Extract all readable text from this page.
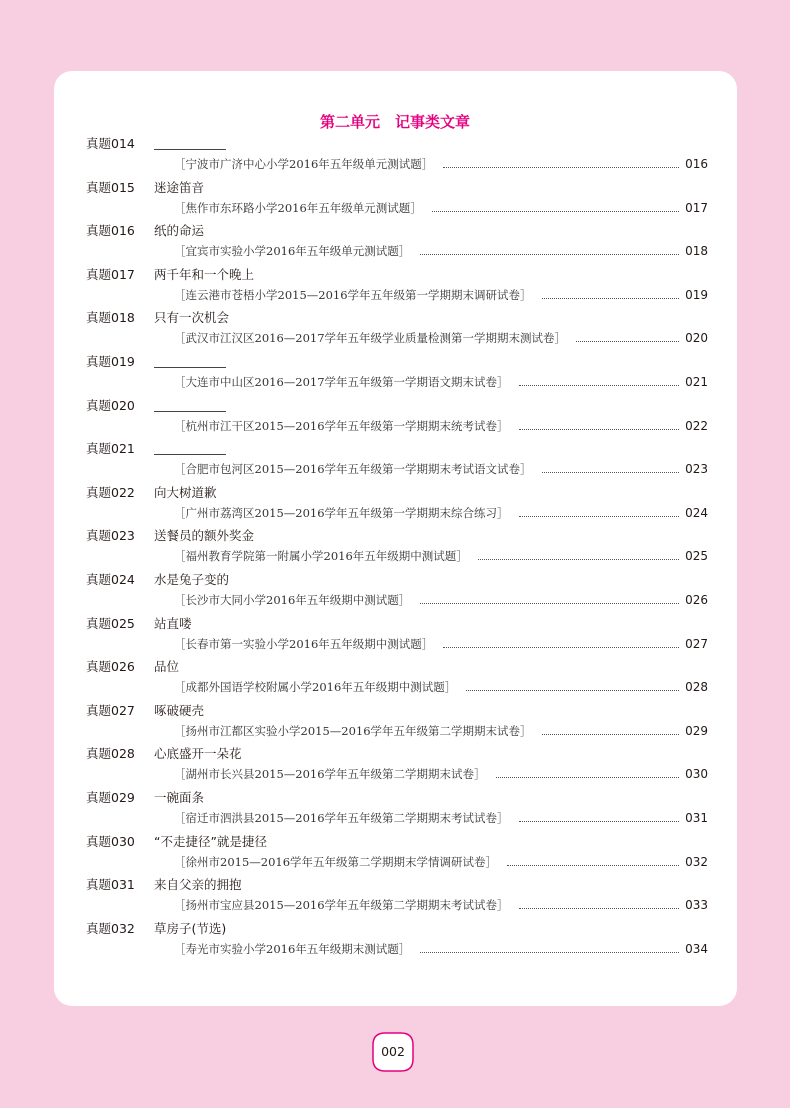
第二单元　记事类文章
真题014
［宁波市广济中心小学2016年五年级单元测试题］	016
真题015 迷途笛音
［焦作市东环路小学2016年五年级单元测试题］	017
真题016 纸的命运
［宜宾市实验小学2016年五年级单元测试题］	018
真题017 两千年和一个晚上
［连云港市苍梧小学2015—2016学年五年级第一学期期末调研试卷］	019
真题018 只有一次机会
［武汉市江汉区2016—2017学年五年级学业质量检测第一学期期末测试卷］	020
真题019
［大连市中山区2016—2017学年五年级第一学期语文期末试卷］	021
真题020
［杭州市江干区2015—2016学年五年级第一学期期末统考试卷］	022
真题021
［合肥市包河区2015—2016学年五年级第一学期期末考试语文试卷］	023
真题022 向大树道歉
［广州市荔湾区2015—2016学年五年级第一学期期末综合练习］	024
真题023 送餐员的额外奖金
［福州教育学院第一附属小学2016年五年级期中测试题］	025
真题024 水是兔子变的
［长沙市大同小学2016年五年级期中测试题］	026
真题025 站直喽
［长春市第一实验小学2016年五年级期中测试题］	027
真题026 品位
［成都外国语学校附属小学2016年五年级期中测试题］	028
真题027 啄破硬壳
［扬州市江都区实验小学2015—2016学年五年级第二学期期末试卷］	029
真题028 心底盛开一朵花
［湖州市长兴县2015—2016学年五年级第二学期期末试卷］	030
真题029 一碗面条
［宿迁市泗洪县2015—2016学年五年级第二学期期末考试试卷］	031
真题030 “不走捷径”就是捷径
［徐州市2015—2016学年五年级第二学期期末学情调研试卷］	032
真题031 来自父亲的拥抱
［扬州市宝应县2015—2016学年五年级第二学期期末考试试卷］	033
真题032 草房子(节选)
［寿光市实验小学2016年五年级期末测试题］	034
002
